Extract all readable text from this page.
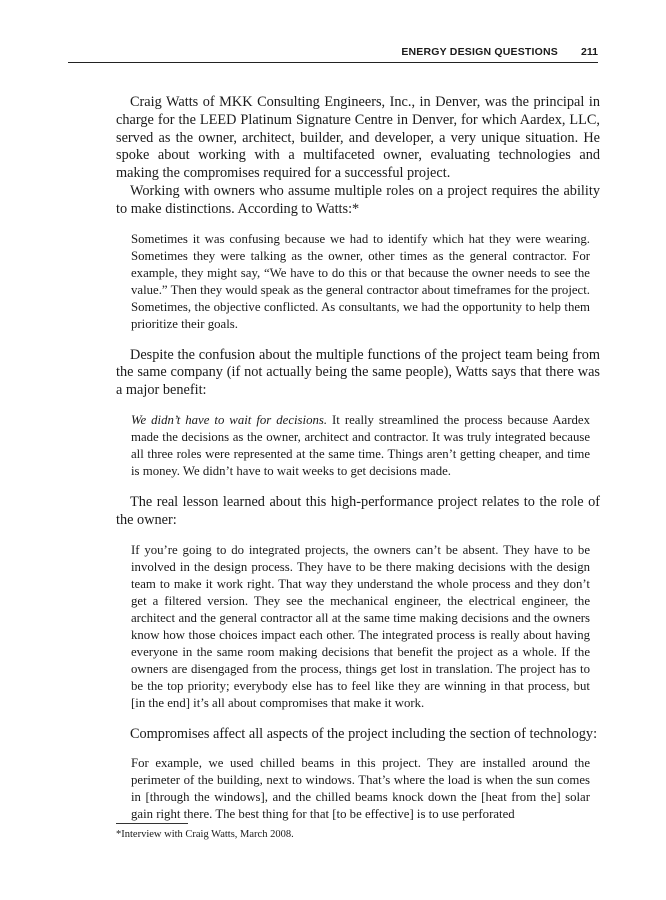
ENERGY DESIGN QUESTIONS 211

Craig Watts of MKK Consulting Engineers, Inc., in Denver, was the principal in charge for the LEED Platinum Signature Centre in Denver, for which Aardex, LLC, served as the owner, architect, builder, and developer, a very unique situation. He spoke about working with a multifaceted owner, evaluating technologies and making the compromises required for a successful project.

Working with owners who assume multiple roles on a project requires the ability to make distinctions. According to Watts:*

Sometimes it was confusing because we had to identify which hat they were wearing. Sometimes they were talking as the owner, other times as the general contractor. For example, they might say, “We have to do this or that because the owner needs to see the value.” Then they would speak as the general contractor about timeframes for the project. Sometimes, the objective conflicted. As consultants, we had the opportunity to help them prioritize their goals.

Despite the confusion about the multiple functions of the project team being from the same company (if not actually being the same people), Watts says that there was a major benefit:

We didn’t have to wait for decisions. It really streamlined the process because Aardex made the decisions as the owner, architect and contractor. It was truly integrated because all three roles were represented at the same time. Things aren’t getting cheaper, and time is money. We didn’t have to wait weeks to get decisions made.

The real lesson learned about this high-performance project relates to the role of the owner:

If you’re going to do integrated projects, the owners can’t be absent. They have to be involved in the design process. They have to be there making decisions with the design team to make it work right. That way they understand the whole process and they don’t get a filtered version. They see the mechanical engineer, the electrical engineer, the architect and the general contractor all at the same time making decisions and the owners know how those choices impact each other. The integrated process is really about having everyone in the same room making decisions that benefit the project as a whole. If the owners are disengaged from the process, things get lost in translation. The project has to be the top priority; everybody else has to feel like they are winning in that process, but [in the end] it’s all about compromises that make it work.

Compromises affect all aspects of the project including the section of technology:

For example, we used chilled beams in this project. They are installed around the perimeter of the building, next to windows. That’s where the load is when the sun comes in [through the windows], and the chilled beams knock down the [heat from the] solar gain right there. The best thing for that [to be effective] is to use perforated

*Interview with Craig Watts, March 2008.
